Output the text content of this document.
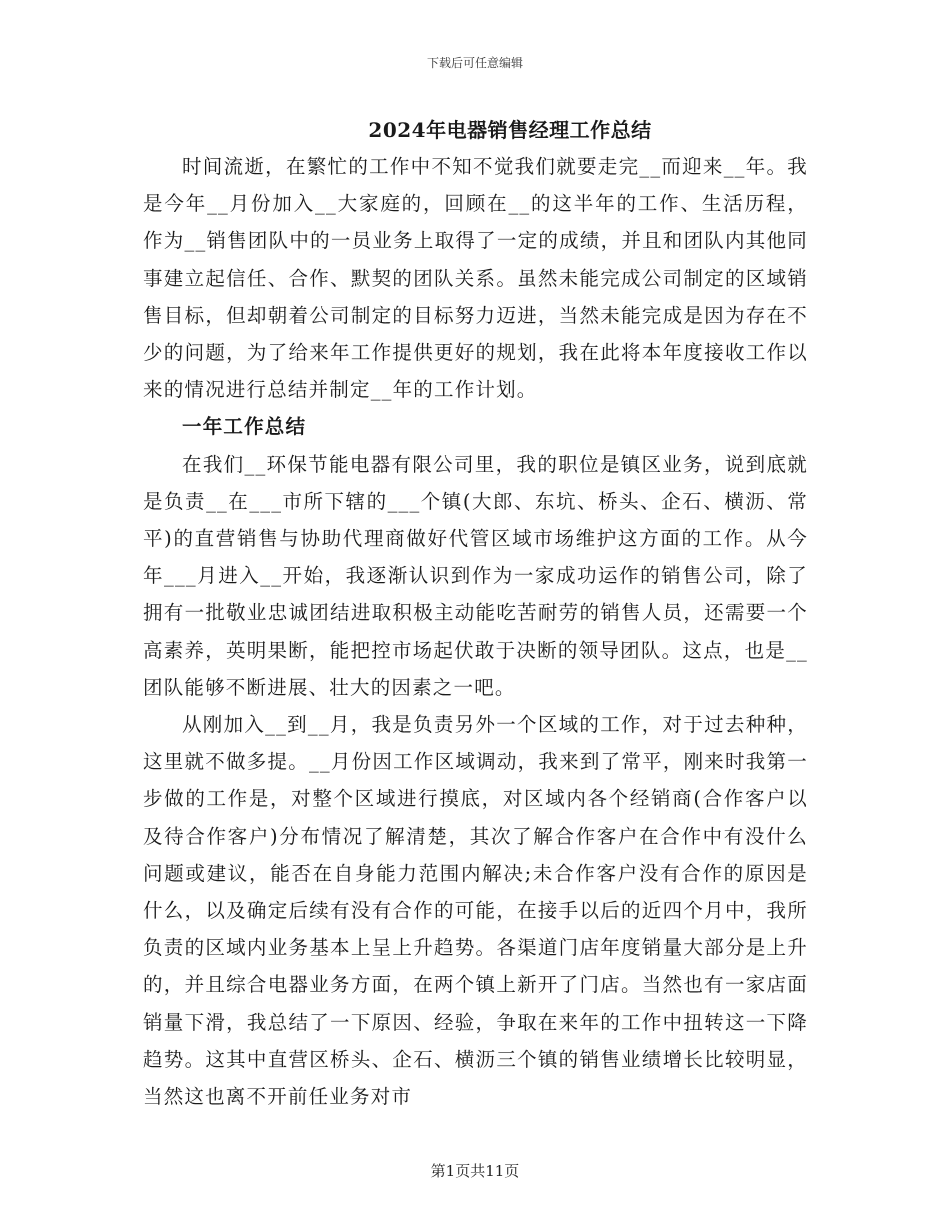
下载后可任意编辑
2024年电器销售经理工作总结

时间流逝，在繁忙的工作中不知不觉我们就要走完__而迎来__年。我是今年__月份加入__大家庭的，回顾在__的这半年的工作、生活历程，作为__销售团队中的一员业务上取得了一定的成绩，并且和团队内其他同事建立起信任、合作、默契的团队关系。虽然未能完成公司制定的区域销售目标，但却朝着公司制定的目标努力迈进，当然未能完成是因为存在不少的问题，为了给来年工作提供更好的规划，我在此将本年度接收工作以来的情况进行总结并制定__年的工作计划。

一年工作总结

在我们__环保节能电器有限公司里，我的职位是镇区业务，说到底就是负责__在___市所下辖的___个镇(大郎、东坑、桥头、企石、横沥、常平)的直营销售与协助代理商做好代管区域市场维护这方面的工作。从今年___月进入__开始，我逐渐认识到作为一家成功运作的销售公司，除了拥有一批敬业忠诚团结进取积极主动能吃苦耐劳的销售人员，还需要一个高素养，英明果断，能把控市场起伏敢于决断的领导团队。这点，也是__团队能够不断进展、壮大的因素之一吧。

从刚加入__到__月，我是负责另外一个区域的工作，对于过去种种，这里就不做多提。__月份因工作区域调动，我来到了常平，刚来时我第一步做的工作是，对整个区域进行摸底，对区域内各个经销商(合作客户以及待合作客户)分布情况了解清楚，其次了解合作客户在合作中有没什么问题或建议，能否在自身能力范围内解决;未合作客户没有合作的原因是什么，以及确定后续有没有合作的可能，在接手以后的近四个月中，我所负责的区域内业务基本上呈上升趋势。各渠道门店年度销量大部分是上升的，并且综合电器业务方面，在两个镇上新开了门店。当然也有一家店面销量下滑，我总结了一下原因、经验，争取在来年的工作中扭转这一下降趋势。这其中直营区桥头、企石、横沥三个镇的销售业绩增长比较明显，当然这也离不开前任业务对市

第1页共11页
